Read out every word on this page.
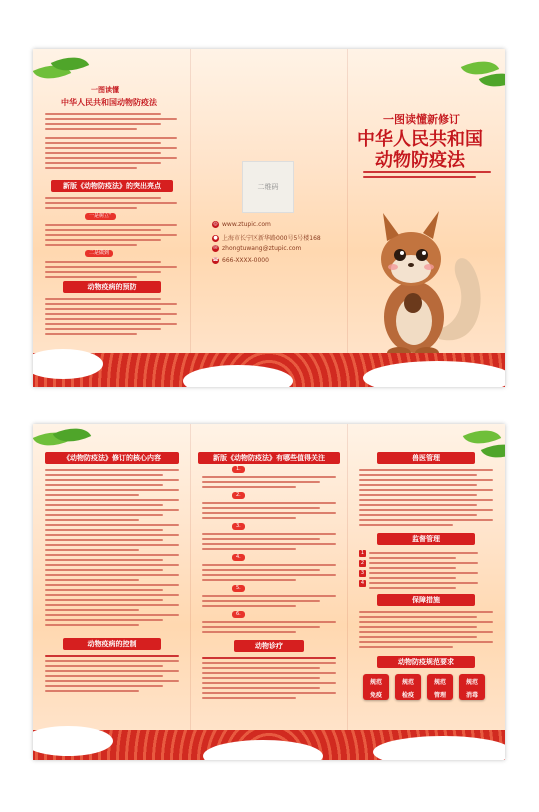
一图读懂
中华人民共和国动物防疫法
新版《动物防疫法》的突出亮点
一是树立“
二是做到
动物疫病的预防
二维码
◎ www.ztupic.com
● 上海市长宁区新华路000号5号楼168
✉ zhongtuwang@ztupic.com
☎ 666-XXXX-0000
一图读懂新修订
中华人民共和国
动物防疫法
《动物防疫法》修订的核心内容
动物疫病的控制
新版《动物防疫法》有哪些值得关注
1.
2.
3.
4.
5.
6.
动物诊疗
兽医管理
监督管理
1
2
3
4
保障措施
动物防疫规范要求
规范
免疫
规范
检疫
规范
管理
规范
消毒
